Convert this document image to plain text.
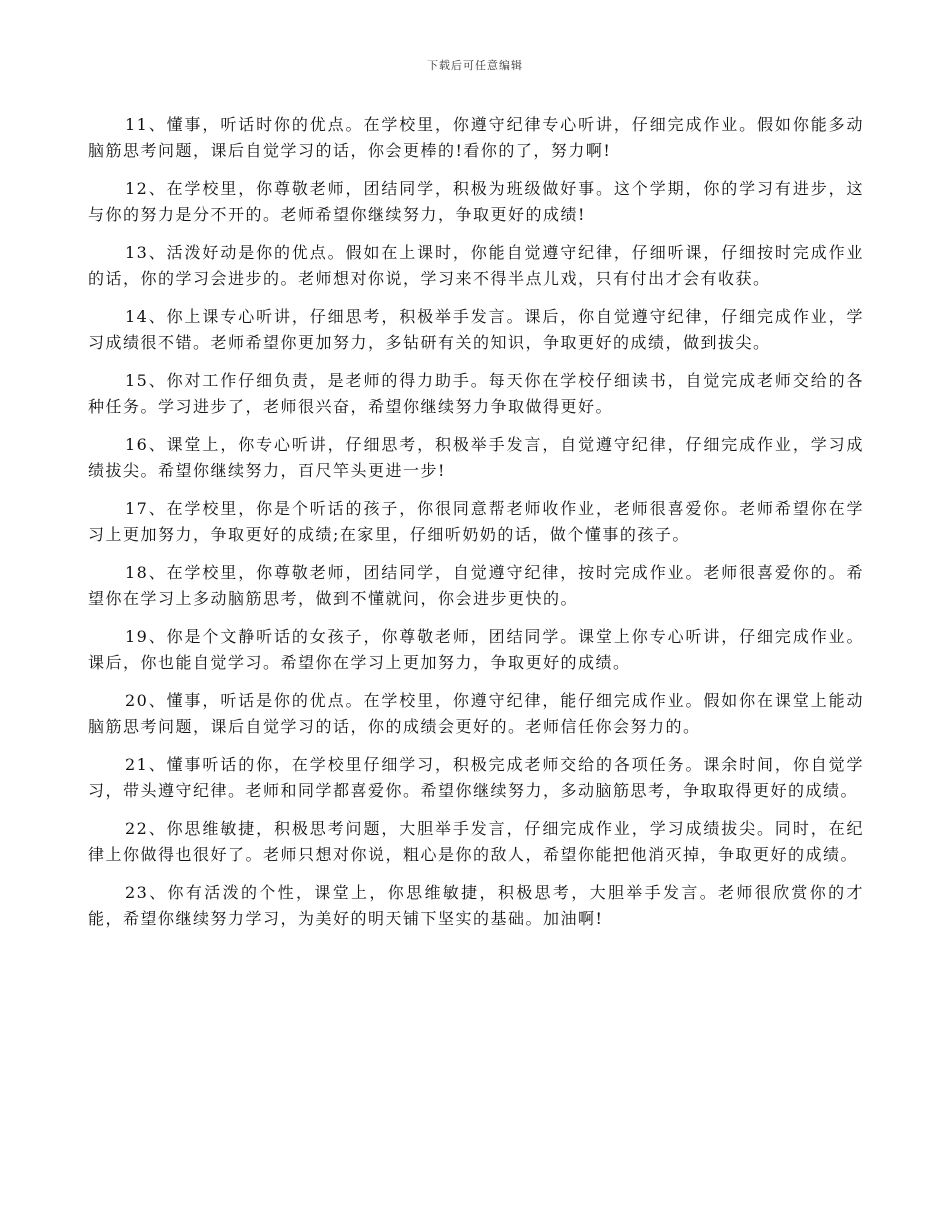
下载后可任意编辑

11、懂事，听话时你的优点。在学校里，你遵守纪律专心听讲，仔细完成作业。假如你能多动脑筋思考问题，课后自觉学习的话，你会更棒的!看你的了，努力啊!

12、在学校里，你尊敬老师，团结同学，积极为班级做好事。这个学期，你的学习有进步，这与你的努力是分不开的。老师希望你继续努力，争取更好的成绩!

13、活泼好动是你的优点。假如在上课时，你能自觉遵守纪律，仔细听课，仔细按时完成作业的话，你的学习会进步的。老师想对你说，学习来不得半点儿戏，只有付出才会有收获。

14、你上课专心听讲，仔细思考，积极举手发言。课后，你自觉遵守纪律，仔细完成作业，学习成绩很不错。老师希望你更加努力，多钻研有关的知识，争取更好的成绩，做到拔尖。

15、你对工作仔细负责，是老师的得力助手。每天你在学校仔细读书，自觉完成老师交给的各种任务。学习进步了，老师很兴奋，希望你继续努力争取做得更好。

16、课堂上，你专心听讲，仔细思考，积极举手发言，自觉遵守纪律，仔细完成作业，学习成绩拔尖。希望你继续努力，百尺竿头更进一步!

17、在学校里，你是个听话的孩子，你很同意帮老师收作业，老师很喜爱你。老师希望你在学习上更加努力，争取更好的成绩;在家里，仔细听奶奶的话，做个懂事的孩子。

18、在学校里，你尊敬老师，团结同学，自觉遵守纪律，按时完成作业。老师很喜爱你的。希望你在学习上多动脑筋思考，做到不懂就问，你会进步更快的。

19、你是个文静听话的女孩子，你尊敬老师，团结同学。课堂上你专心听讲，仔细完成作业。课后，你也能自觉学习。希望你在学习上更加努力，争取更好的成绩。

20、懂事，听话是你的优点。在学校里，你遵守纪律，能仔细完成作业。假如你在课堂上能动脑筋思考问题，课后自觉学习的话，你的成绩会更好的。老师信任你会努力的。

21、懂事听话的你，在学校里仔细学习，积极完成老师交给的各项任务。课余时间，你自觉学习，带头遵守纪律。老师和同学都喜爱你。希望你继续努力，多动脑筋思考，争取取得更好的成绩。

22、你思维敏捷，积极思考问题，大胆举手发言，仔细完成作业，学习成绩拔尖。同时，在纪律上你做得也很好了。老师只想对你说，粗心是你的敌人，希望你能把他消灭掉，争取更好的成绩。

23、你有活泼的个性，课堂上，你思维敏捷，积极思考，大胆举手发言。老师很欣赏你的才能，希望你继续努力学习，为美好的明天铺下坚实的基础。加油啊!
